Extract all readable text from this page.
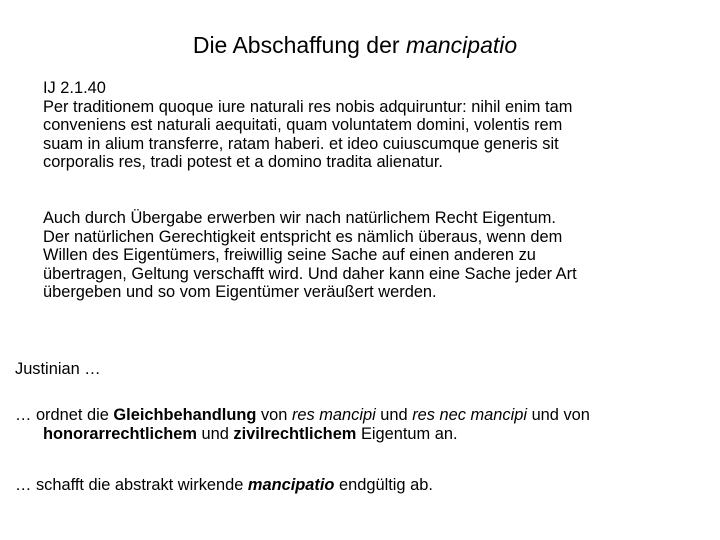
Die Abschaffung der mancipatio

IJ 2.1.40

Per traditionem quoque iure naturali res nobis adquiruntur: nihil enim tam
conveniens est naturali aequitati, quam voluntatem domini, volentis rem
suam in alium transferre, ratam haberi. et ideo cuiuscumque generis sit
corporalis res, tradi potest et a domino tradita alienatur.

Auch durch Übergabe erwerben wir nach natürlichem Recht Eigentum.
Der natürlichen Gerechtigkeit entspricht es nämlich überaus, wenn dem
Willen des Eigentümers, freiwillig seine Sache auf einen anderen zu
übertragen, Geltung verschafft wird. Und daher kann eine Sache jeder Art
übergeben und so vom Eigentümer veräußert werden.

Justinian …
… ordnet die Gleichbehandlung von res mancipi und res nec mancipi und von honorarrechtlichem und zivilrechtlichem Eigentum an.
… schafft die abstrakt wirkende mancipatio endgültig ab.
